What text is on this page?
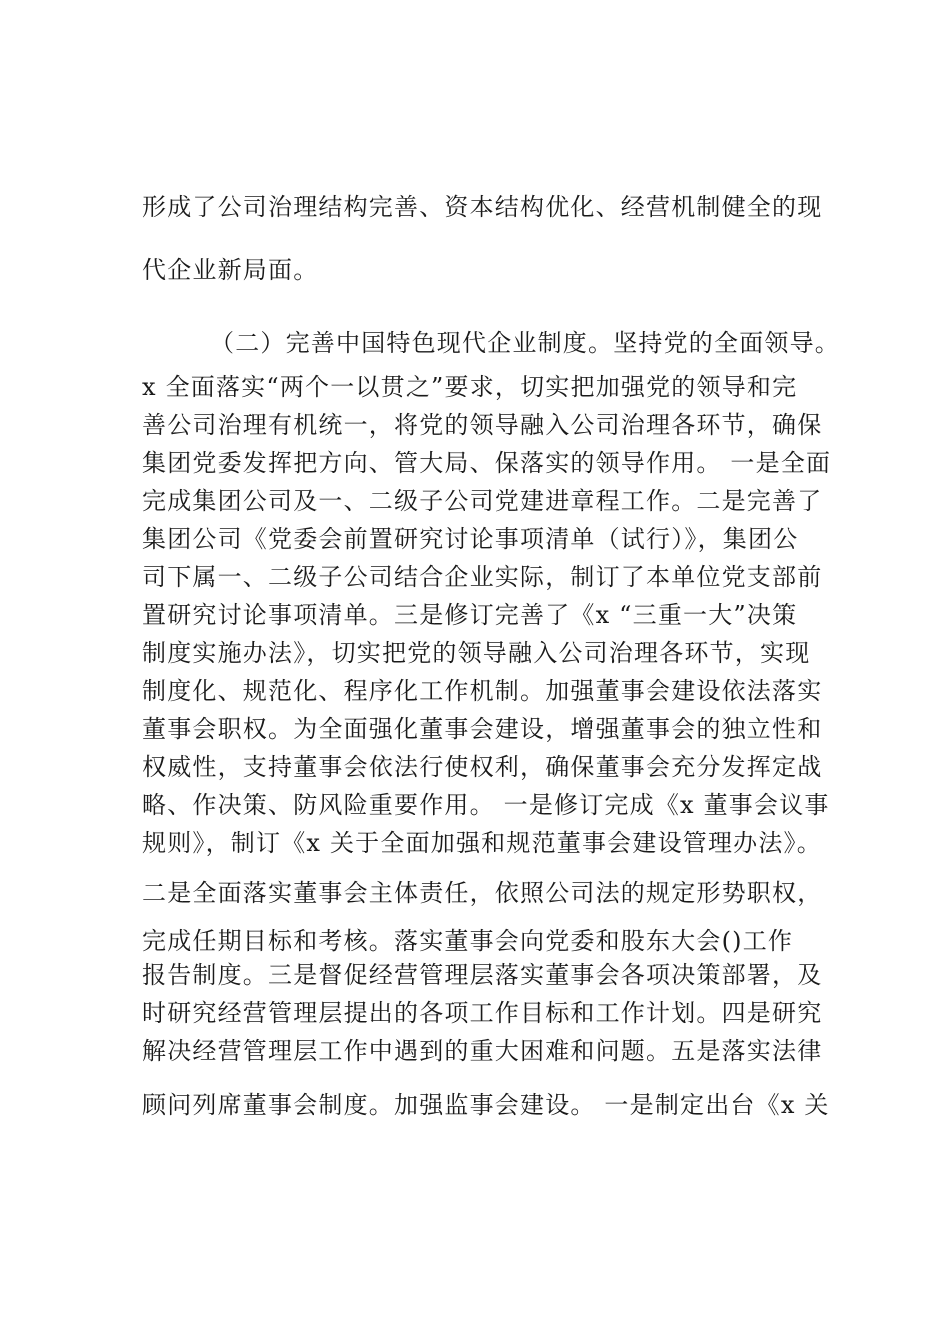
形成了公司治理结构完善、资本结构优化、经营机制健全的现
代企业新局面。
（二）完善中国特色现代企业制度。坚持党的全面领导。
x 全面落实“两个一以贯之”要求，切实把加强党的领导和完
善公司治理有机统一，将党的领导融入公司治理各环节，确保
集团党委发挥把方向、管大局、保落实的领导作用。 一是全面
完成集团公司及一、二级子公司党建进章程工作。二是完善了
集团公司《党委会前置研究讨论事项清单（试行）》，集团公
司下属一、二级子公司结合企业实际，制订了本单位党支部前
置研究讨论事项清单。三是修订完善了《x “三重一大”决策
制度实施办法》，切实把党的领导融入公司治理各环节，实现
制度化、规范化、程序化工作机制。加强董事会建设依法落实
董事会职权。为全面强化董事会建设，增强董事会的独立性和
权威性，支持董事会依法行使权利，确保董事会充分发挥定战
略、作决策、防风险重要作用。 一是修订完成《x 董事会议事
规则》，制订《x 关于全面加强和规范董事会建设管理办法》。
二是全面落实董事会主体责任，依照公司法的规定形势职权，
完成任期目标和考核。落实董事会向党委和股东大会()工作
报告制度。三是督促经营管理层落实董事会各项决策部署，及
时研究经营管理层提出的各项工作目标和工作计划。四是研究
解决经营管理层工作中遇到的重大困难和问题。五是落实法律
顾问列席董事会制度。加强监事会建设。 一是制定出台《x 关
